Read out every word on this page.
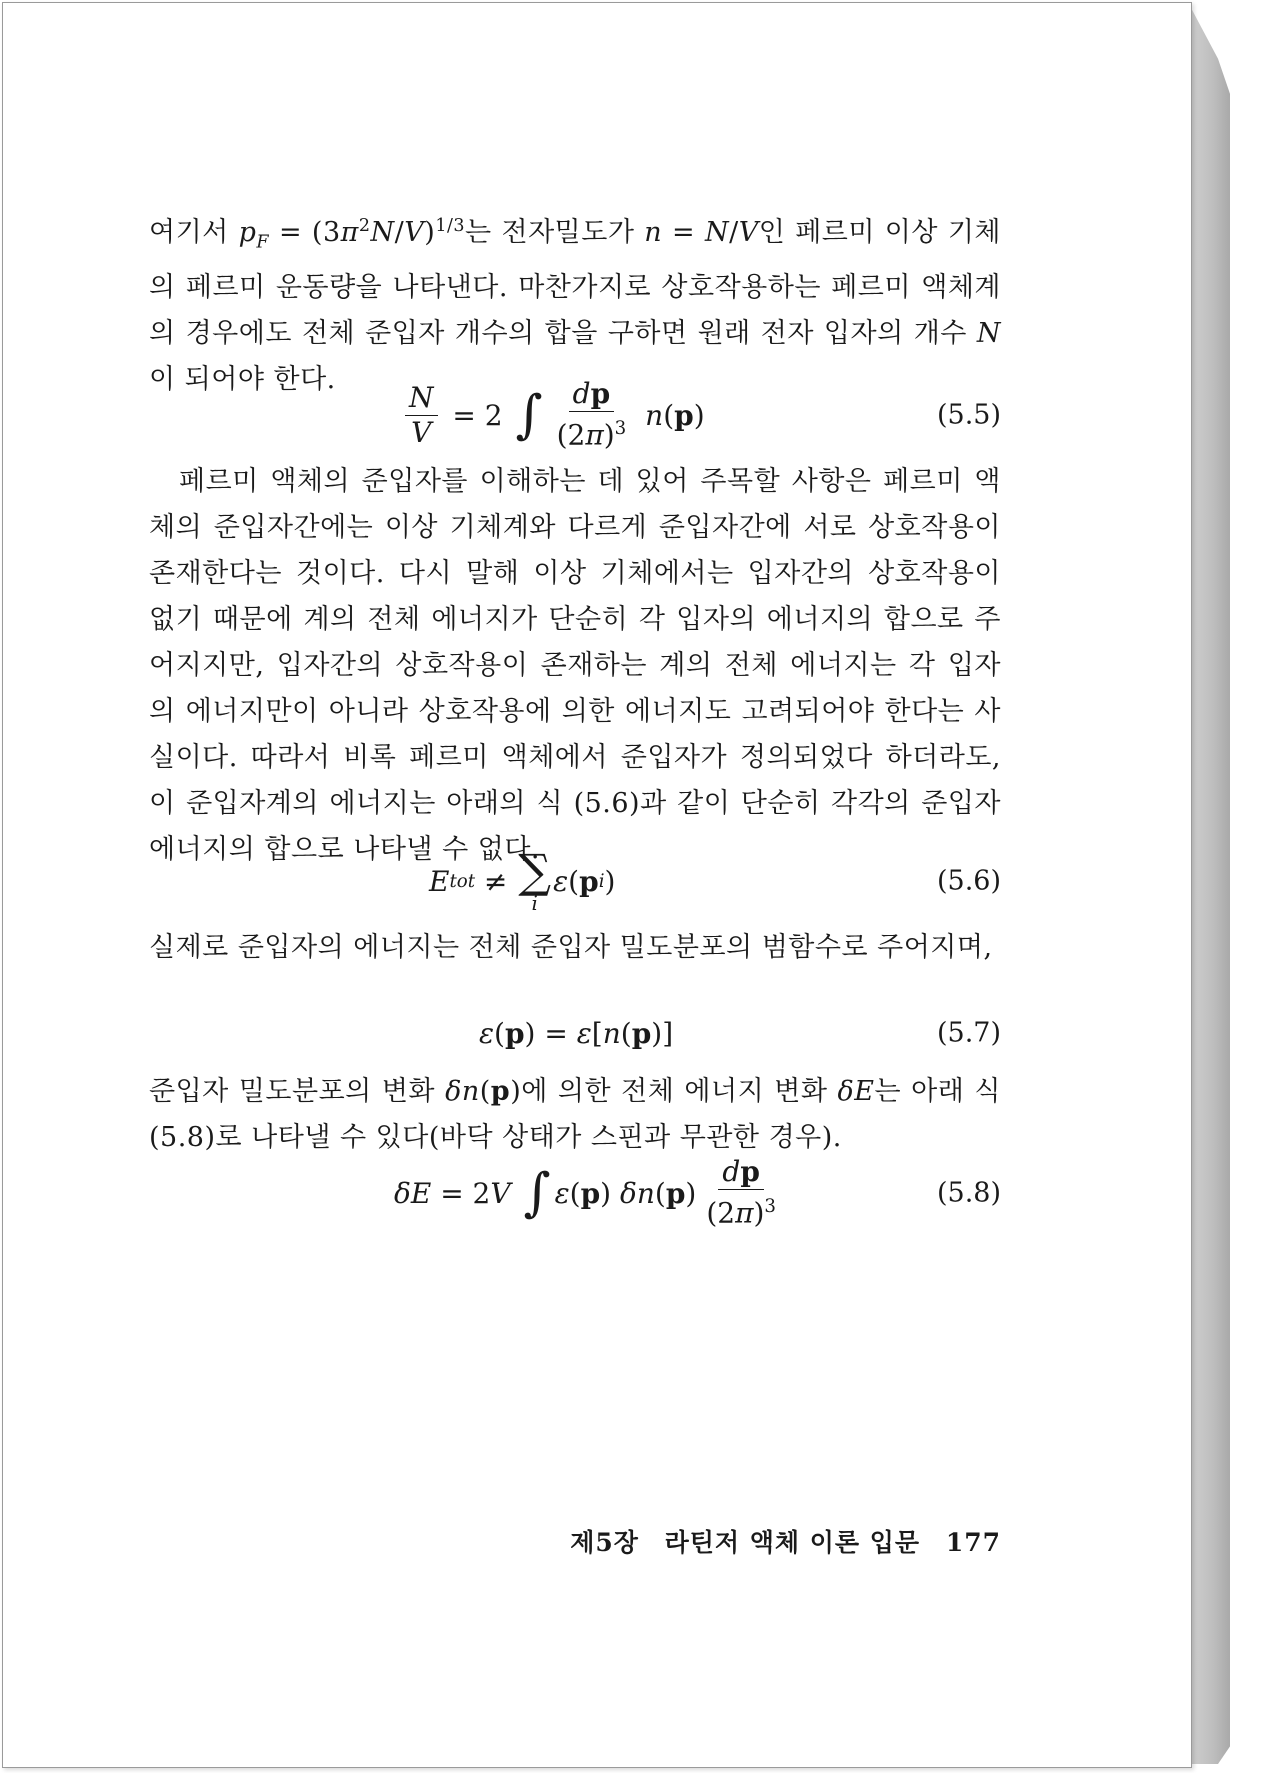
여기서 $p_F = (3\pi^2N/V)^{1/3}$는 전자밀도가 n = N/V인 페르미 이상 기체의 페르미 운동량을 나타낸다. 마찬가지로 상호작용하는 페르미 액체계의 경우에도 전체 준입자 개수의 합을 구하면 원래 전자 입자의 개수 N이 되어야 한다.
$\frac{N}{V} = 2$ ∫ $\frac{dp}{(2\pi)^3} n(p)$	(5.5)
페르미 액체의 준입자를 이해하는 데 있어 주목할 사항은 페르미 액체의 준입자간에는 이상 기체계와 다르게 준입자간에 서로 상호작용이 존재한다는 것이다. 다시 말해 이상 기체에서는 입자간의 상호작용이 없기 때문에 계의 전체 에너지가 단순히 각 입자의 에너지의 합으로 주어지지만, 입자간의 상호작용이 존재하는 계의 전체 에너지는 각 입자의 에너지만이 아니라 상호작용에 의한 에너지도 고려되어야 한다는 사실이다. 따라서 비록 페르미 액체에서 준입자가 정의되었다 하더라도, 이 준입자계의 에너지는 아래의 식 (5.6)과 같이 단순히 각각의 준입자 에너지의 합으로 나타낼 수 없다.
E tot ≠ ∑
i
ε ( p i )	(5.6)
실제로 준입자의 에너지는 전체 준입자 밀도분포의 범함수로 주어지며,
ε ( p ) = ε [ n ( p )]	(5.7)
준입자 밀도분포의 변화 δn(p)에 의한 전체 에너지 변화 δE는 아래 식 (5.8)로 나타낼 수 있다(바닥 상태가 스핀과 무관한 경우).
δE = 2V ∫ ε ( p ) δn ( p ) $\frac{dp}{(2\pi)^3}$	(5.8)
제5장 라틴저 액체 이론 입문 177
